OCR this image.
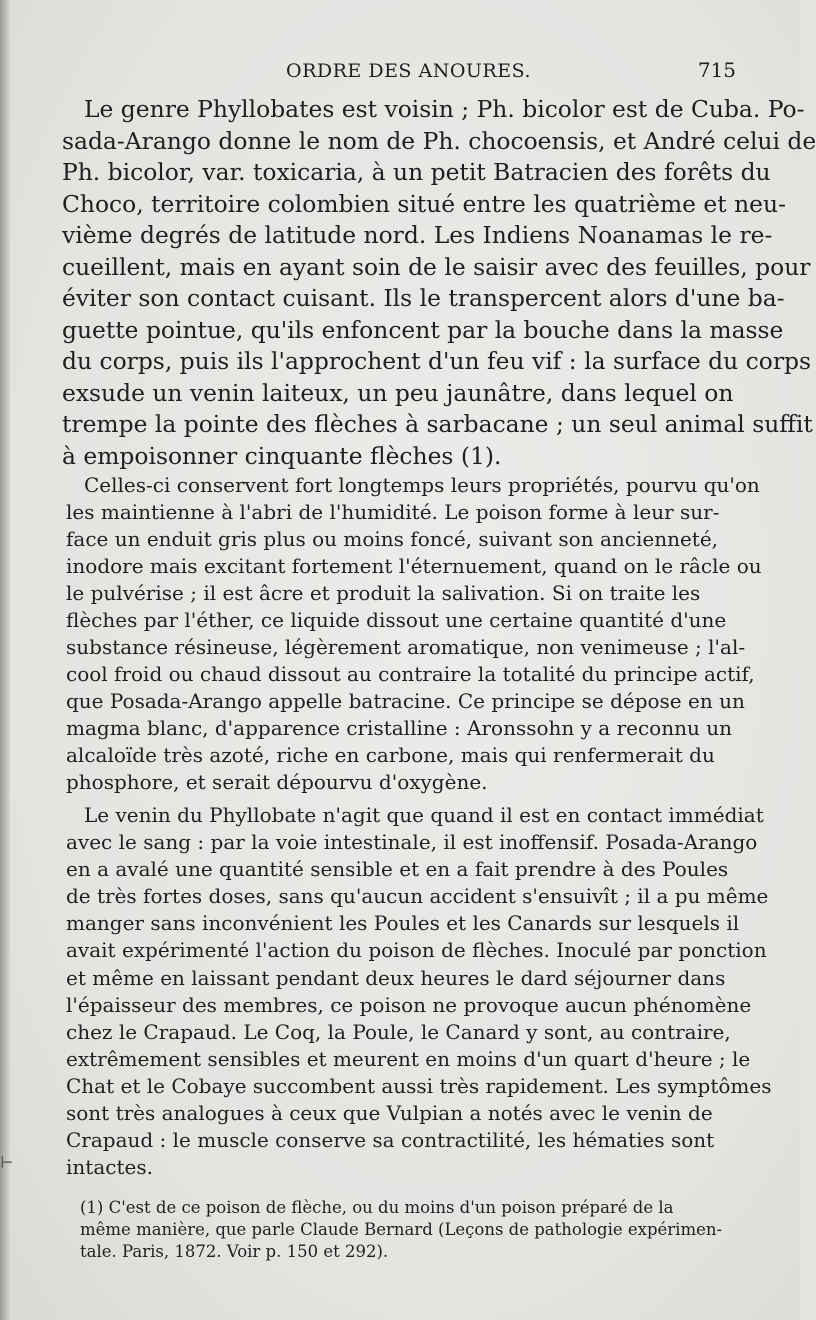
ORDRE DES ANOURES.	715
Le genre Phyllobates est voisin ; Ph. bicolor est de Cuba. Po-
sada-Arango donne le nom de Ph. chocoensis, et André celui de
Ph. bicolor, var. toxicaria, à un petit Batracien des forêts du
Choco, territoire colombien situé entre les quatrième et neu-
vième degrés de latitude nord. Les Indiens Noanamas le re-
cueillent, mais en ayant soin de le saisir avec des feuilles, pour
éviter son contact cuisant. Ils le transpercent alors d'une ba-
guette pointue, qu'ils enfoncent par la bouche dans la masse
du corps, puis ils l'approchent d'un feu vif : la surface du corps
exsude un venin laiteux, un peu jaunâtre, dans lequel on
trempe la pointe des flèches à sarbacane ; un seul animal suffit
à empoisonner cinquante flèches (1).
Celles-ci conservent fort longtemps leurs propriétés, pourvu qu'on
les maintienne à l'abri de l'humidité. Le poison forme à leur sur-
face un enduit gris plus ou moins foncé, suivant son ancienneté,
inodore mais excitant fortement l'éternuement, quand on le râcle ou
le pulvérise ; il est âcre et produit la salivation. Si on traite les
flèches par l'éther, ce liquide dissout une certaine quantité d'une
substance résineuse, légèrement aromatique, non venimeuse ; l'al-
cool froid ou chaud dissout au contraire la totalité du principe actif,
que Posada-Arango appelle batracine. Ce principe se dépose en un
magma blanc, d'apparence cristalline : Aronssohn y a reconnu un
alcaloïde très azoté, riche en carbone, mais qui renfermerait du
phosphore, et serait dépourvu d'oxygène.
Le venin du Phyllobate n'agit que quand il est en contact immédiat
avec le sang : par la voie intestinale, il est inoffensif. Posada-Arango
en a avalé une quantité sensible et en a fait prendre à des Poules
de très fortes doses, sans qu'aucun accident s'ensuivît ; il a pu même
manger sans inconvénient les Poules et les Canards sur lesquels il
avait expérimenté l'action du poison de flèches. Inoculé par ponction
et même en laissant pendant deux heures le dard séjourner dans
l'épaisseur des membres, ce poison ne provoque aucun phénomène
chez le Crapaud. Le Coq, la Poule, le Canard y sont, au contraire,
extrêmement sensibles et meurent en moins d'un quart d'heure ; le
Chat et le Cobaye succombent aussi très rapidement. Les symptômes
sont très analogues à ceux que Vulpian a notés avec le venin de
Crapaud : le muscle conserve sa contractilité, les hématies sont
intactes.
(1) C'est de ce poison de flèche, ou du moins d'un poison préparé de la
même manière, que parle Claude Bernard (Leçons de pathologie expérimen-
tale. Paris, 1872. Voir p. 150 et 292).
⊢
